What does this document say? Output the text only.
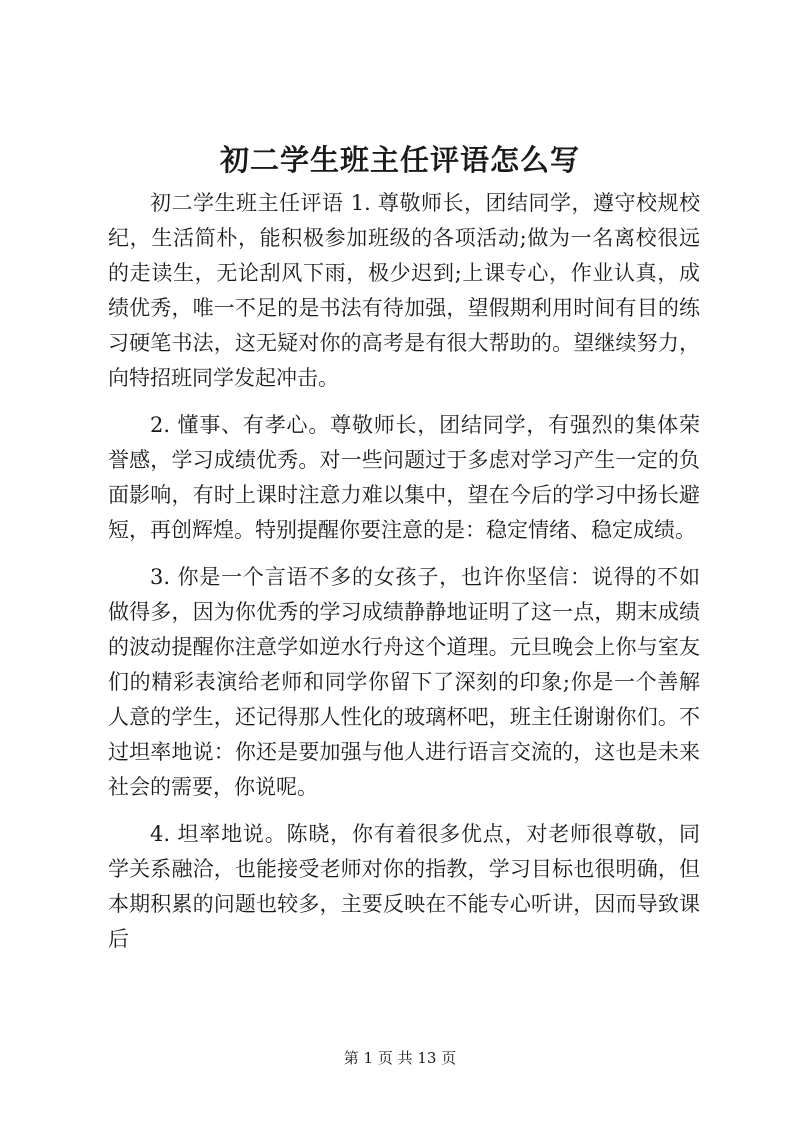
初二学生班主任评语怎么写

初二学生班主任评语 1. 尊敬师长，团结同学，遵守校规校纪，生活简朴，能积极参加班级的各项活动;做为一名离校很远的走读生，无论刮风下雨，极少迟到;上课专心，作业认真，成绩优秀，唯一不足的是书法有待加强，望假期利用时间有目的练习硬笔书法，这无疑对你的高考是有很大帮助的。望继续努力，向特招班同学发起冲击。

2. 懂事、有孝心。尊敬师长，团结同学，有强烈的集体荣誉感，学习成绩优秀。对一些问题过于多虑对学习产生一定的负面影响，有时上课时注意力难以集中，望在今后的学习中扬长避短，再创辉煌。特别提醒你要注意的是：稳定情绪、稳定成绩。

3. 你是一个言语不多的女孩子，也许你坚信：说得的不如做得多，因为你优秀的学习成绩静静地证明了这一点，期末成绩的波动提醒你注意学如逆水行舟这个道理。元旦晚会上你与室友们的精彩表演给老师和同学你留下了深刻的印象;你是一个善解人意的学生，还记得那人性化的玻璃杯吧，班主任谢谢你们。不过坦率地说：你还是要加强与他人进行语言交流的，这也是未来社会的需要，你说呢。

4. 坦率地说。陈晓，你有着很多优点，对老师很尊敬，同学关系融洽，也能接受老师对你的指教，学习目标也很明确，但本期积累的问题也较多，主要反映在不能专心听讲，因而导致课后

第 1 页 共 13 页
